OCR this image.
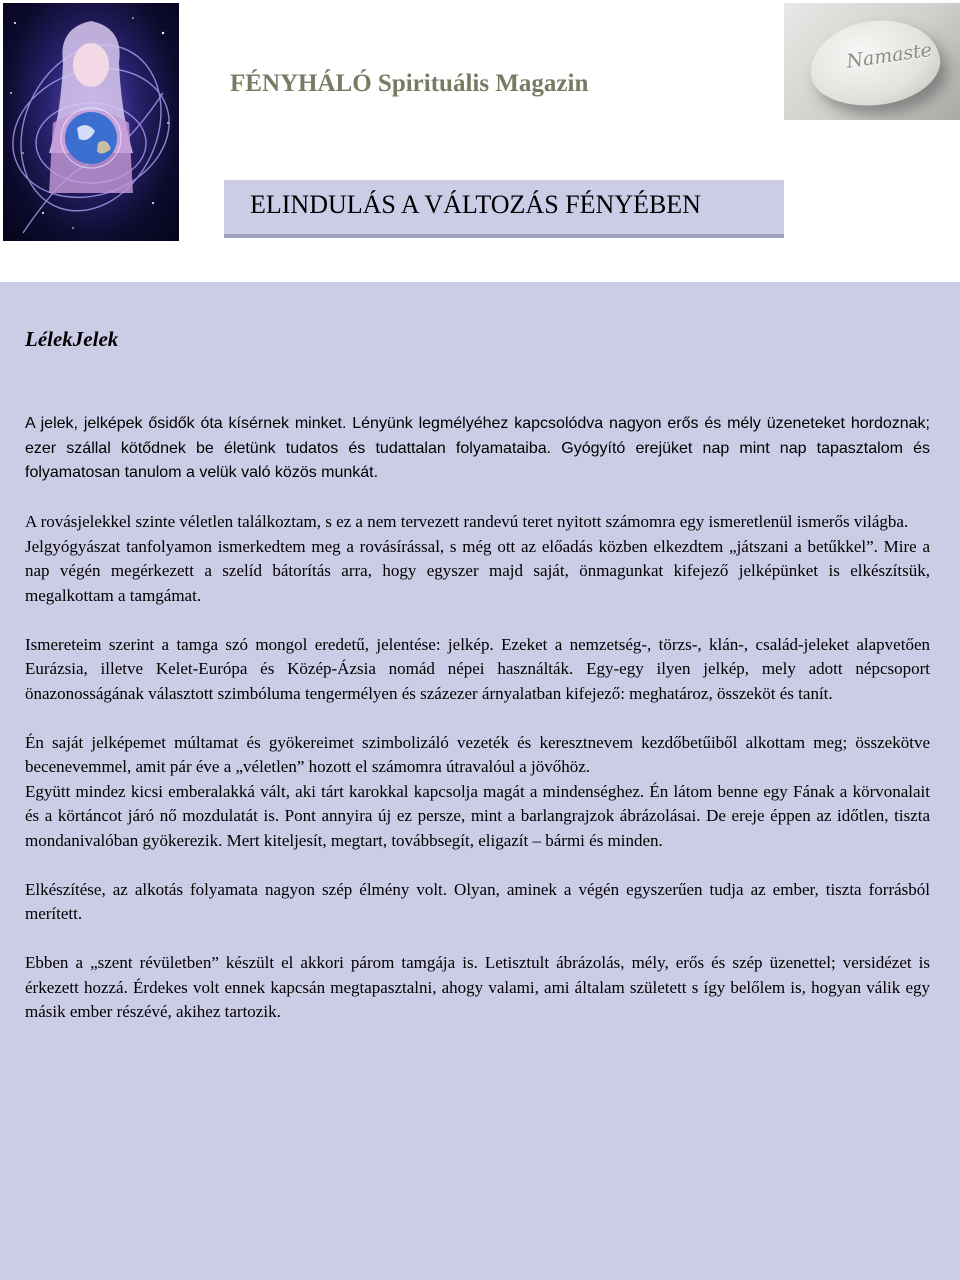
FÉNYHÁLÓ Spirituális Magazin
Namaste
ELINDULÁS A VÁLTOZÁS FÉNYÉBEN
LélekJelek

A jelek, jelképek ősidők óta kísérnek minket. Lényünk legmélyéhez kapcsolódva nagyon erős és mély üzeneteket hordoznak; ezer szállal kötődnek be életünk tudatos és tudattalan folyamataiba. Gyógyító erejüket nap mint nap tapasztalom és folyamatosan tanulom a velük való közös munkát.

A rovásjelekkel szinte véletlen találkoztam, s ez a nem tervezett randevú teret nyitott számomra egy ismeretlenül ismerős világba.

Jelgyógyászat tanfolyamon ismerkedtem meg a rovásírással, s még ott az előadás közben elkezdtem „játszani a betűkkel”. Mire a nap végén megérkezett a szelíd bátorítás arra, hogy egyszer majd saját, önmagunkat kifejező jelképünket is elkészítsük, megalkottam a tamgámat.

Ismereteim szerint a tamga szó mongol eredetű, jelentése: jelkép. Ezeket a nemzetség-, törzs-, klán-, család-jeleket alapvetően Eurázsia, illetve Kelet-Európa és Közép-Ázsia nomád népei használták. Egy-egy ilyen jelkép, mely adott népcsoport önazonosságának választott szimbóluma tengermélyen és százezer árnyalatban kifejező: meghatároz, összeköt és tanít.

Én saját jelképemet múltamat és gyökereimet szimbolizáló vezeték és keresztnevem kezdőbetűiből alkottam meg; összekötve becenevemmel, amit pár éve a „véletlen” hozott el számomra útravalóul a jövőhöz.

Együtt mindez kicsi emberalakká vált, aki tárt karokkal kapcsolja magát a mindenséghez. Én látom benne egy Fának a körvonalait és a körtáncot járó nő mozdulatát is. Pont annyira új ez persze, mint a barlangrajzok ábrázolásai. De ereje éppen az időtlen, tiszta mondanivalóban gyökerezik. Mert kiteljesít, megtart, továbbsegít, eligazít – bármi és minden.

Elkészítése, az alkotás folyamata nagyon szép élmény volt. Olyan, aminek a végén egyszerűen tudja az ember, tiszta forrásból merített.

Ebben a „szent révületben” készült el akkori párom tamgája is. Letisztult ábrázolás, mély, erős és szép üzenettel; versidézet is érkezett hozzá. Érdekes volt ennek kapcsán megtapasztalni, ahogy valami, ami általam született s így belőlem is, hogyan válik egy másik ember részévé, akihez tartozik.
